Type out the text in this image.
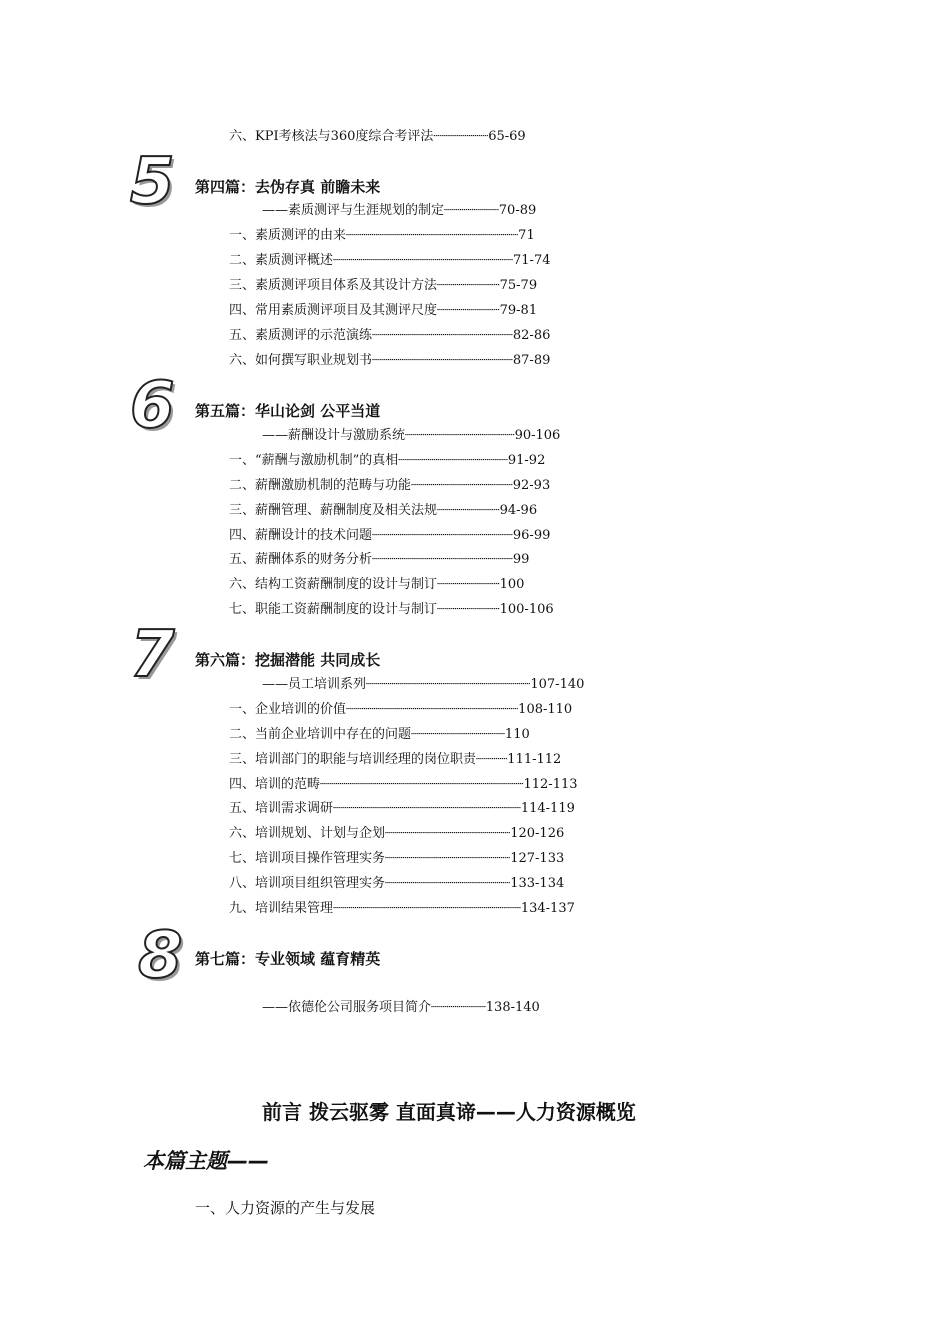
六、KPI考核法与360度综合考评法┈┈┈┈┈┈┈65-69
5 第四篇：去伪存真 前瞻未来
——素质测评与生涯规划的制定┈┈┈┈┈┈┈70-89
一、素质测评的由来┈┈┈┈┈┈┈┈┈┈┈┈┈┈┈┈┈┈┈┈┈┈71
二、素质测评概述┈┈┈┈┈┈┈┈┈┈┈┈┈┈┈┈┈┈┈┈┈┈┈71-74
三、素质测评项目体系及其设计方法┈┈┈┈┈┈┈┈75-79
四、常用素质测评项目及其测评尺度┈┈┈┈┈┈┈┈79-81
五、素质测评的示范演练┈┈┈┈┈┈┈┈┈┈┈┈┈┈┈┈┈┈82-86
六、如何撰写职业规划书┈┈┈┈┈┈┈┈┈┈┈┈┈┈┈┈┈┈87-89
6 第五篇：华山论剑 公平当道
——薪酬设计与激励系统┈┈┈┈┈┈┈┈┈┈┈┈┈┈90-106
一、“薪酬与激励机制”的真相┈┈┈┈┈┈┈┈┈┈┈┈┈┈91-92
二、薪酬激励机制的范畴与功能┈┈┈┈┈┈┈┈┈┈┈┈┈92-93
三、薪酬管理、薪酬制度及相关法规┈┈┈┈┈┈┈┈94-96
四、薪酬设计的技术问题┈┈┈┈┈┈┈┈┈┈┈┈┈┈┈┈┈┈96-99
五、薪酬体系的财务分析┈┈┈┈┈┈┈┈┈┈┈┈┈┈┈┈┈┈99
六、结构工资薪酬制度的设计与制订┈┈┈┈┈┈┈┈100
七、职能工资薪酬制度的设计与制订┈┈┈┈┈┈┈┈100-106
7 第六篇：挖掘潜能 共同成长
——员工培训系列┈┈┈┈┈┈┈┈┈┈┈┈┈┈┈┈┈┈┈┈┈107-140
一、企业培训的价值┈┈┈┈┈┈┈┈┈┈┈┈┈┈┈┈┈┈┈┈┈┈108-110
二、当前企业培训中存在的问题┈┈┈┈┈┈┈┈┈┈┈┈110
三、培训部门的职能与培训经理的岗位职责┈┈┈┈111-112
四、培训的范畴┈┈┈┈┈┈┈┈┈┈┈┈┈┈┈┈┈┈┈┈┈┈┈┈┈┈112-113
五、培训需求调研┈┈┈┈┈┈┈┈┈┈┈┈┈┈┈┈┈┈┈┈┈┈┈┈114-119
六、培训规划、计划与企划┈┈┈┈┈┈┈┈┈┈┈┈┈┈┈┈120-126
七、培训项目操作管理实务┈┈┈┈┈┈┈┈┈┈┈┈┈┈┈┈127-133
八、培训项目组织管理实务┈┈┈┈┈┈┈┈┈┈┈┈┈┈┈┈133-134
九、培训结果管理┈┈┈┈┈┈┈┈┈┈┈┈┈┈┈┈┈┈┈┈┈┈┈┈134-137
8 第七篇：专业领域 蕴育精英
——依德伦公司服务项目简介┈┈┈┈┈┈┈138-140
前言 拨云驱雾 直面真谛——人力资源概览
本篇主题——
一、人力资源的产生与发展
